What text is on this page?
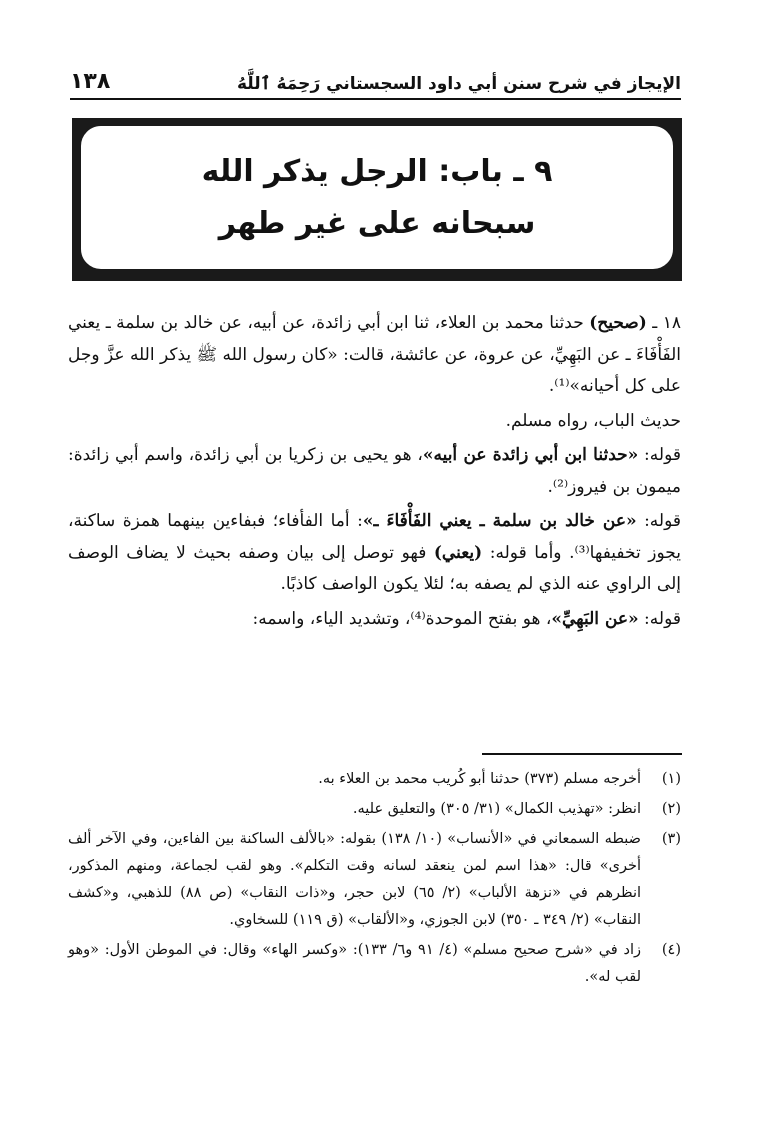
١٣٨	الإيجاز في شرح سنن أبي داود السجستاني رَحِمَهُ ٱللَّهُ
٩ ـ باب: الرجل يذكر الله
سبحانه على غير طهر

١٨ ـ (صحيح) حدثنا محمد بن العلاء، ثنا ابن أبي زائدة، عن أبيه، عن خالد بن سلمة ـ يعني الفَأْفَاءَ ـ عن البَهِيِّ، عن عروة، عن عائشة، قالت: «كان رسول الله ﷺ يذكر الله عزَّ وجل على كل أحيانه»⁽¹⁾.

حديث الباب، رواه مسلم.

قوله: «حدثنا ابن أبي زائدة عن أبيه»، هو يحيى بن زكريا بن أبي زائدة، واسم أبي زائدة: ميمون بن فيروز⁽²⁾.

قوله: «عن خالد بن سلمة ـ يعني الفَأْفَاءَ ـ»: أما الفأفاء؛ فبفاءين بينهما همزة ساكنة، يجوز تخفيفها⁽³⁾. وأما قوله: (يعني) فهو توصل إلى بيان وصفه بحيث لا يضاف الوصف إلى الراوي عنه الذي لم يصفه به؛ لئلا يكون الواصف كاذبًا.

قوله: «عن البَهِيِّ»، هو بفتح الموحدة⁽⁴⁾، وتشديد الياء، واسمه:

(١)
أخرجه مسلم (٣٧٣) حدثنا أبو كُريب محمد بن العلاء به.
(٢)
انظر: «تهذيب الكمال» (٣١/ ٣٠٥) والتعليق عليه.
(٣)
ضبطه السمعاني في «الأنساب» (١٠/ ١٣٨) بقوله: «بالألف الساكنة بين الفاءين، وفي الآخر ألف أخرى» قال: «هذا اسم لمن ينعقد لسانه وقت التكلم». وهو لقب لجماعة، ومنهم المذكور، انظرهم في «نزهة الألباب» (٢/ ٦٥) لابن حجر، و«ذات النقاب» (ص ٨٨) للذهبي، و«كشف النقاب» (٢/ ٣٤٩ ـ ٣٥٠) لابن الجوزي، و«الألقاب» (ق ١١٩) للسخاوي.
(٤)
زاد في «شرح صحيح مسلم» (٤/ ٩١ و٦/ ١٣٣): «وكسر الهاء» وقال: في الموطن الأول: «وهو لقب له».
